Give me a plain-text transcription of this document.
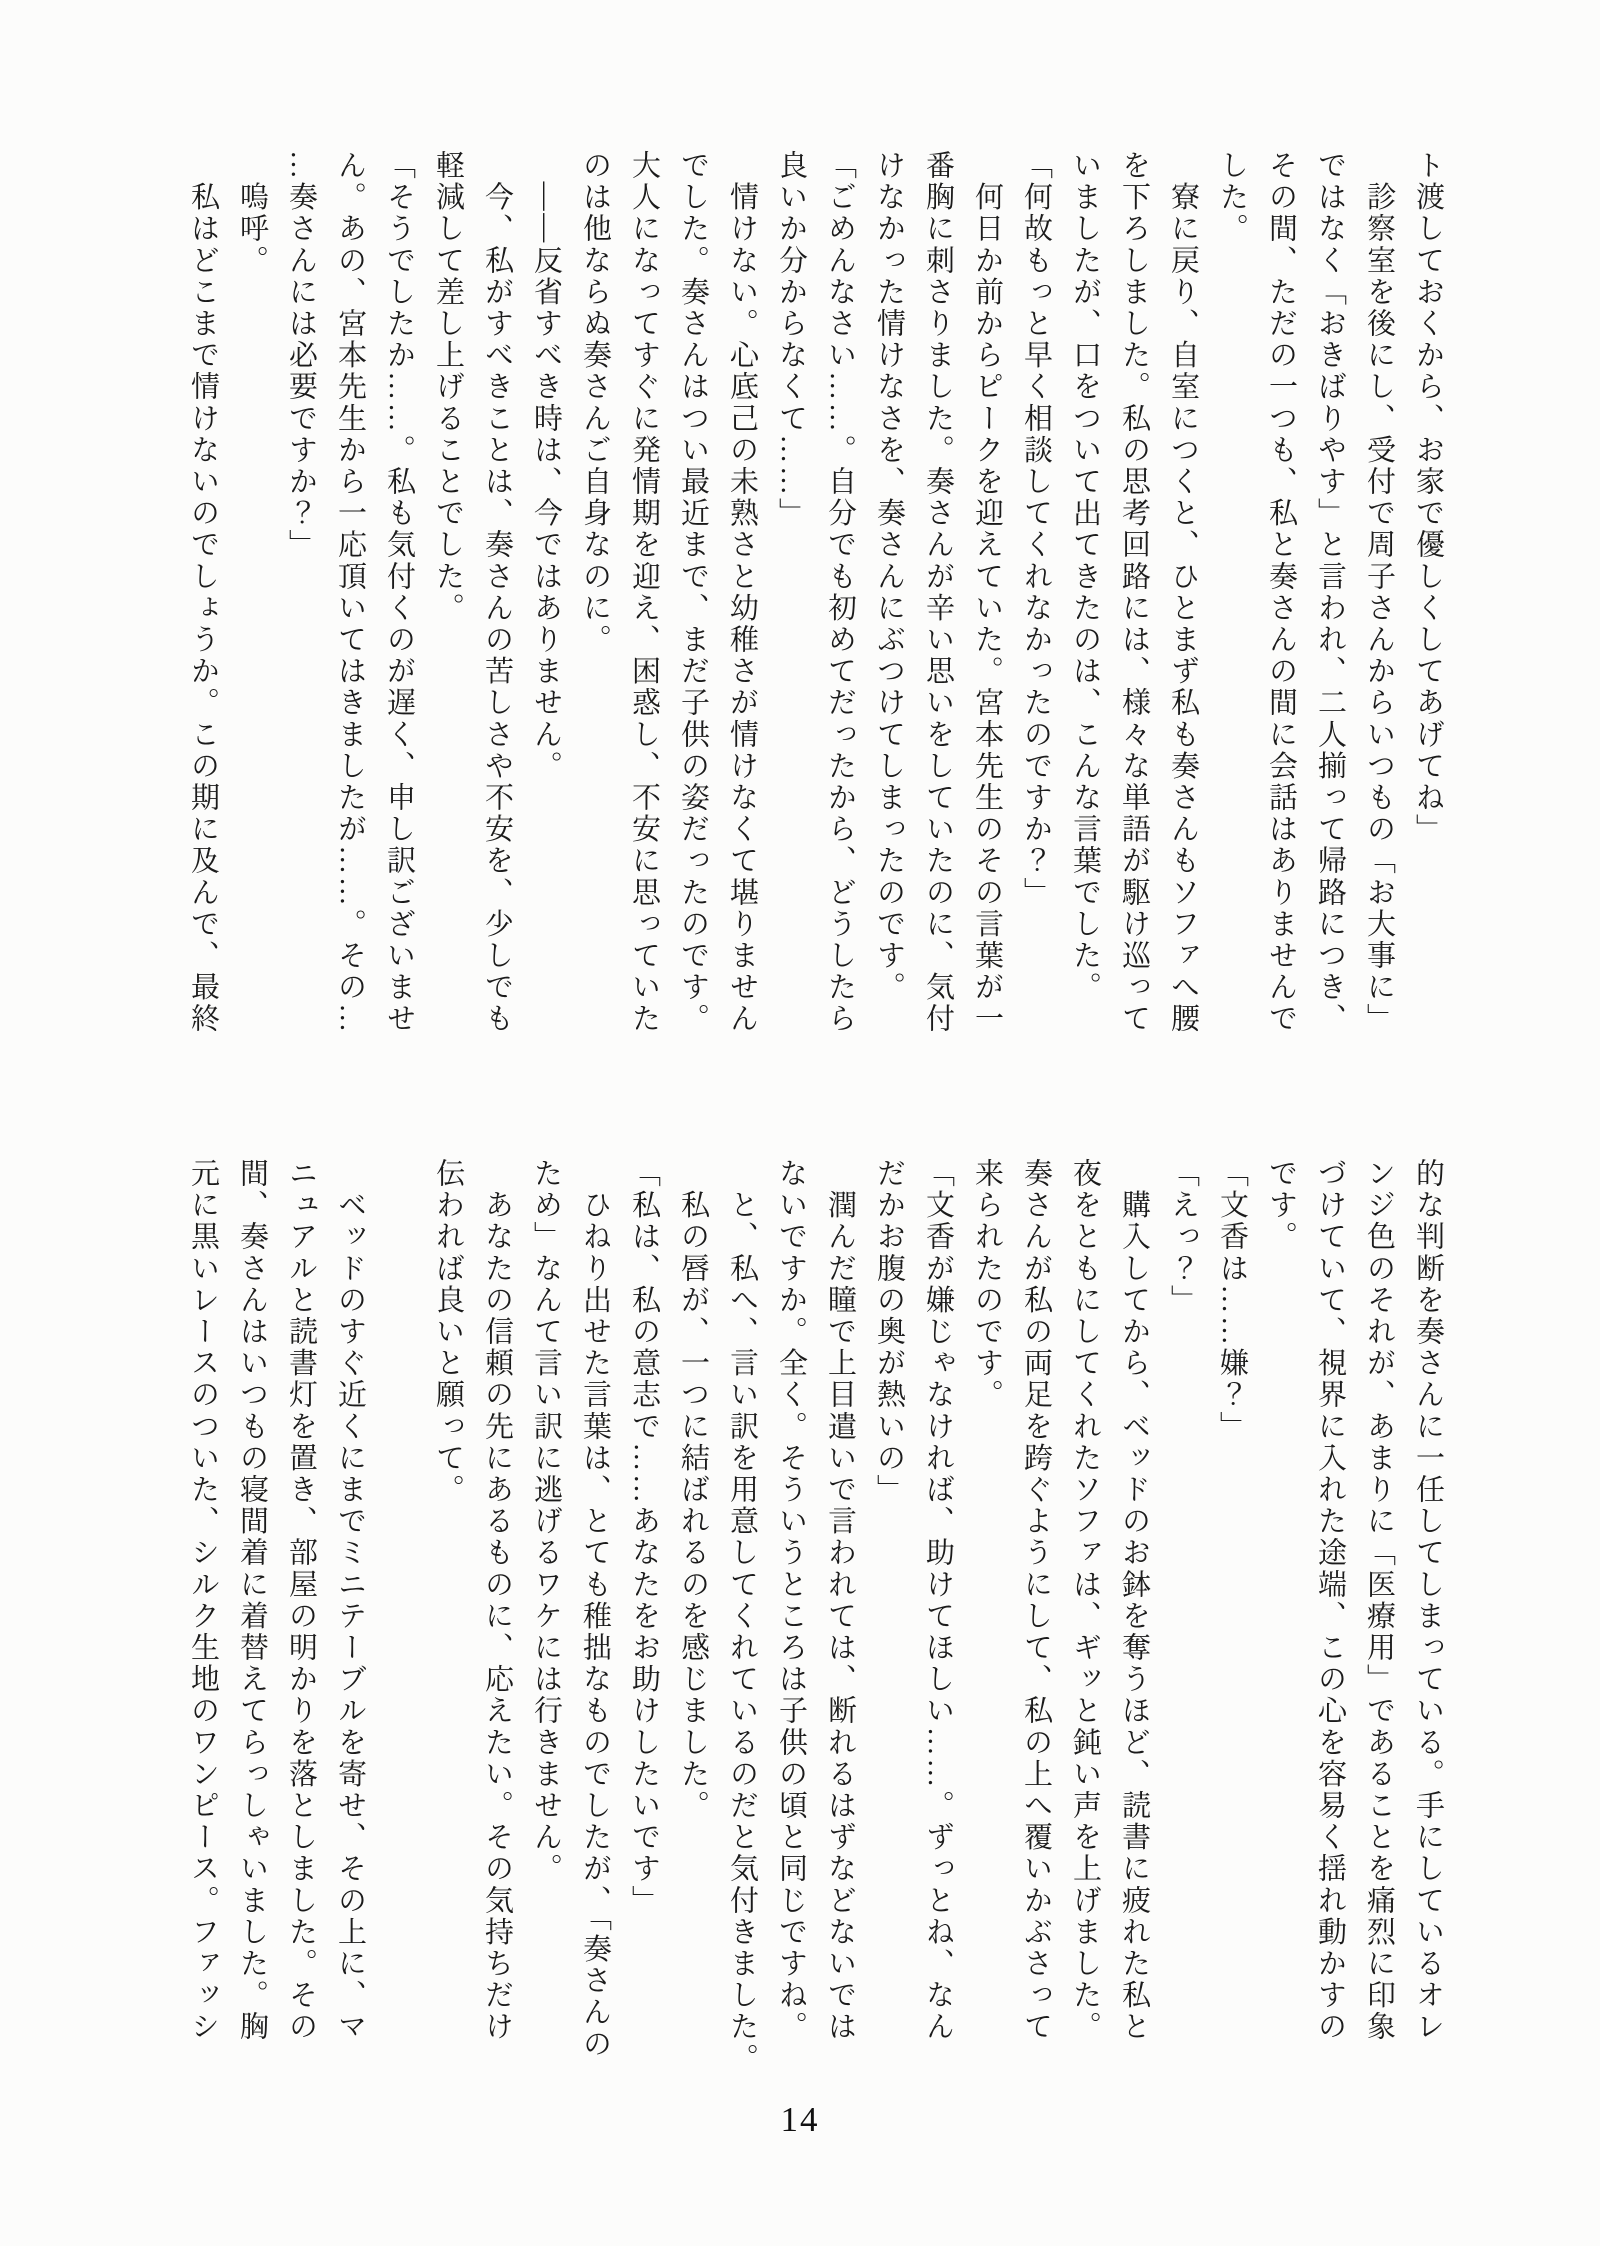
ト渡しておくから、お家で優しくしてあげてね」

　診察室を後にし、受付で周子さんからいつもの「お大事に」

ではなく「おきばりやす」と言われ、二人揃って帰路につき、

その間、ただの一つも、私と奏さんの間に会話はありませんで

した。

　寮に戻り、自室につくと、ひとまず私も奏さんもソファへ腰

を下ろしました。私の思考回路には、様々な単語が駆け巡って

いましたが、口をついて出てきたのは、こんな言葉でした。

「何故もっと早く相談してくれなかったのですか？」

　何日か前からピークを迎えていた。宮本先生のその言葉が一

番胸に刺さりました。奏さんが辛い思いをしていたのに、気付

けなかった情けなさを、奏さんにぶつけてしまったのです。

「ごめんなさい……。自分でも初めてだったから、どうしたら

良いか分からなくて……」

　情けない。心底己の未熟さと幼稚さが情けなくて堪りません

でした。奏さんはつい最近まで、まだ子供の姿だったのです。

大人になってすぐに発情期を迎え、困惑し、不安に思っていた

のは他ならぬ奏さんご自身なのに。

　――反省すべき時は、今ではありません。

　今、私がすべきことは、奏さんの苦しさや不安を、少しでも

軽減して差し上げることでした。

「そうでしたか……。私も気付くのが遅く、申し訳ございませ

ん。あの、宮本先生から一応頂いてはきましたが……。その…

…奏さんには必要ですか？」

　嗚呼。

　私はどこまで情けないのでしょうか。この期に及んで、最終

的な判断を奏さんに一任してしまっている。手にしているオレ

ンジ色のそれが、あまりに「医療用」であることを痛烈に印象

づけていて、視界に入れた途端、この心を容易く揺れ動かすの

です。

「文香は……嫌？」

「えっ？」

　購入してから、ベッドのお鉢を奪うほど、読書に疲れた私と

夜をともにしてくれたソファは、ギッと鈍い声を上げました。

奏さんが私の両足を跨ぐようにして、私の上へ覆いかぶさって

来られたのです。

「文香が嫌じゃなければ、助けてほしい……。ずっとね、なん

だかお腹の奥が熱いの」

　潤んだ瞳で上目遣いで言われては、断れるはずなどないでは

ないですか。全く。そういうところは子供の頃と同じですね。

　と、私へ、言い訳を用意してくれているのだと気付きました。

　私の唇が、一つに結ばれるのを感じました。

「私は、私の意志で……あなたをお助けしたいです」

　ひねり出せた言葉は、とても稚拙なものでしたが、「奏さんの

ため」なんて言い訳に逃げるワケには行きません。

　あなたの信頼の先にあるものに、応えたい。その気持ちだけ

伝われば良いと願って。

　ベッドのすぐ近くにまでミニテーブルを寄せ、その上に、マ

ニュアルと読書灯を置き、部屋の明かりを落としました。その

間、奏さんはいつもの寝間着に着替えてらっしゃいました。胸

元に黒いレースのついた、シルク生地のワンピース。ファッシ

14
